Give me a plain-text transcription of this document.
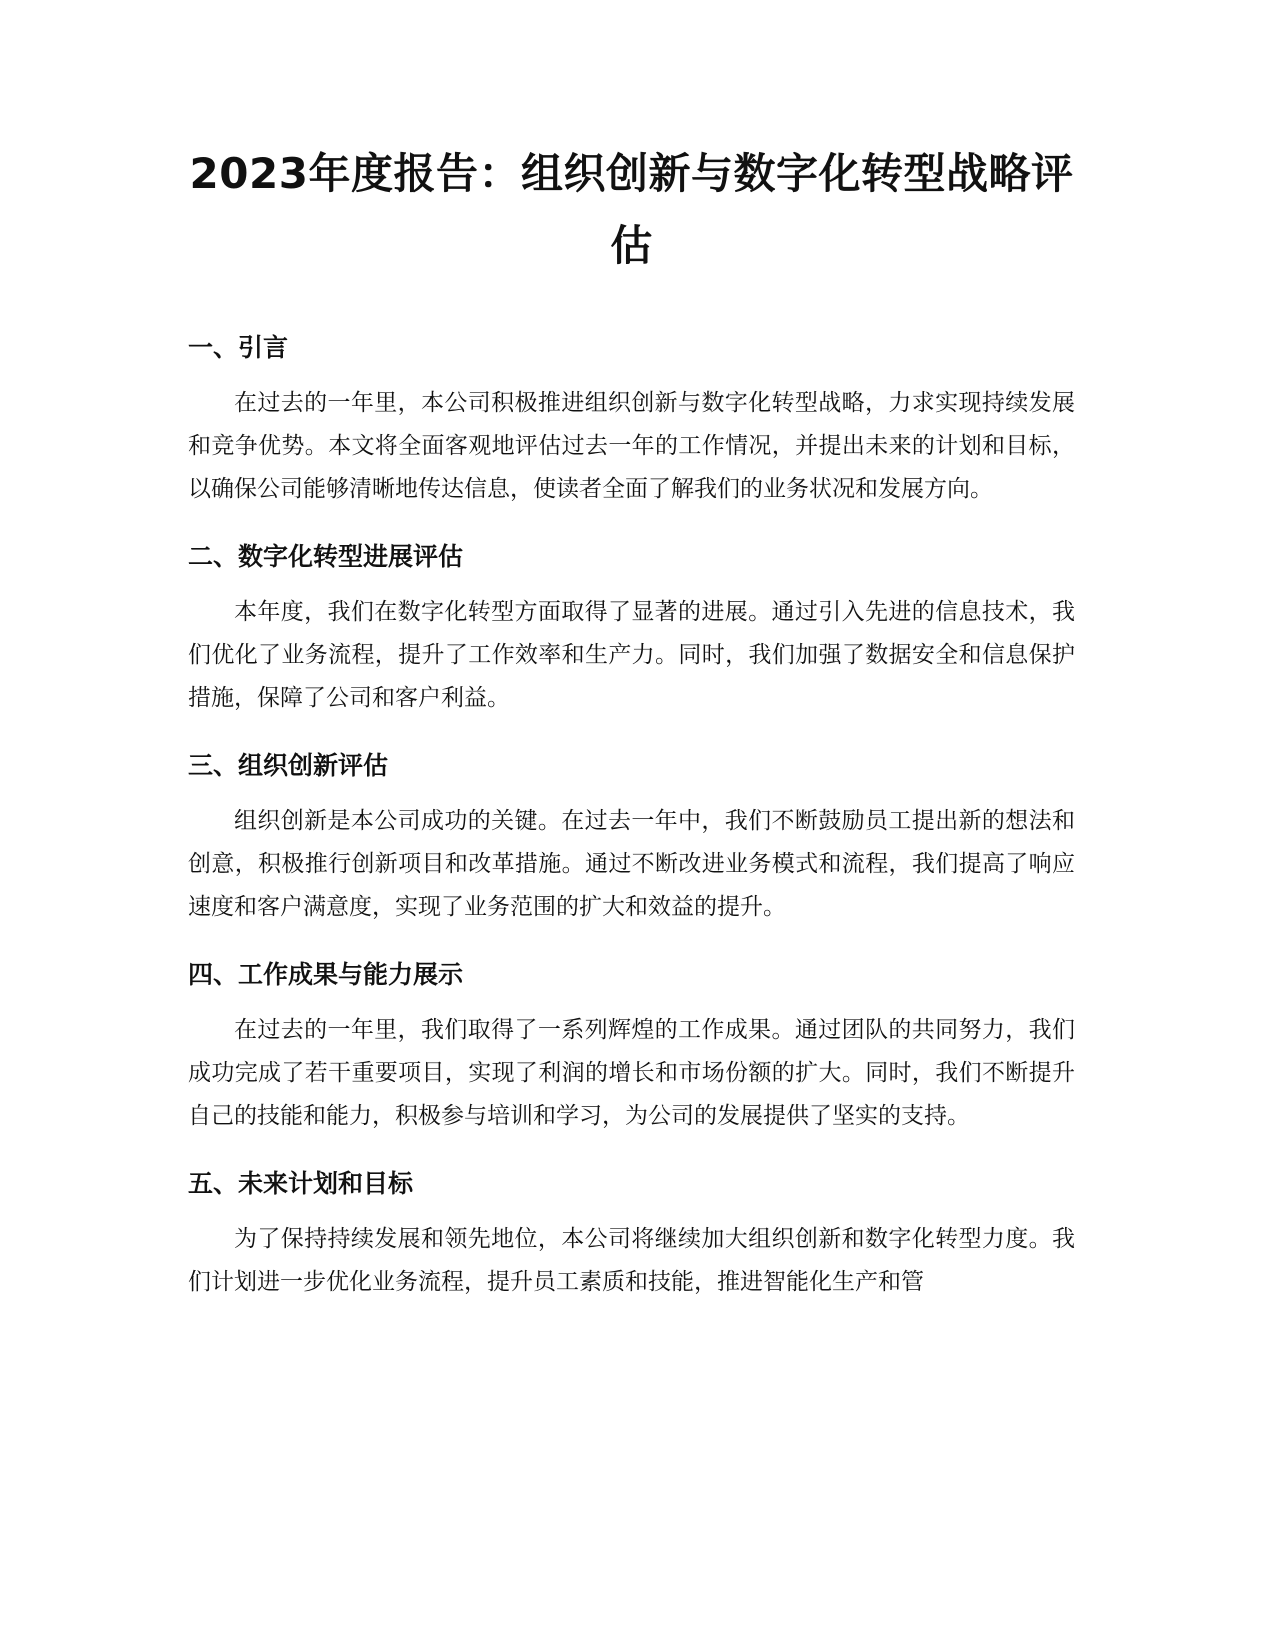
2023年度报告：组织创新与数字化转型战略评估
一、引言

在过去的一年里，本公司积极推进组织创新与数字化转型战略，力求实现持续发展和竞争优势。本文将全面客观地评估过去一年的工作情况，并提出未来的计划和目标，以确保公司能够清晰地传达信息，使读者全面了解我们的业务状况和发展方向。

二、数字化转型进展评估

本年度，我们在数字化转型方面取得了显著的进展。通过引入先进的信息技术，我们优化了业务流程，提升了工作效率和生产力。同时，我们加强了数据安全和信息保护措施，保障了公司和客户利益。

三、组织创新评估

组织创新是本公司成功的关键。在过去一年中，我们不断鼓励员工提出新的想法和创意，积极推行创新项目和改革措施。通过不断改进业务模式和流程，我们提高了响应速度和客户满意度，实现了业务范围的扩大和效益的提升。

四、工作成果与能力展示

在过去的一年里，我们取得了一系列辉煌的工作成果。通过团队的共同努力，我们成功完成了若干重要项目，实现了利润的增长和市场份额的扩大。同时，我们不断提升自己的技能和能力，积极参与培训和学习，为公司的发展提供了坚实的支持。

五、未来计划和目标

为了保持持续发展和领先地位，本公司将继续加大组织创新和数字化转型力度。我们计划进一步优化业务流程，提升员工素质和技能，推进智能化生产和管
